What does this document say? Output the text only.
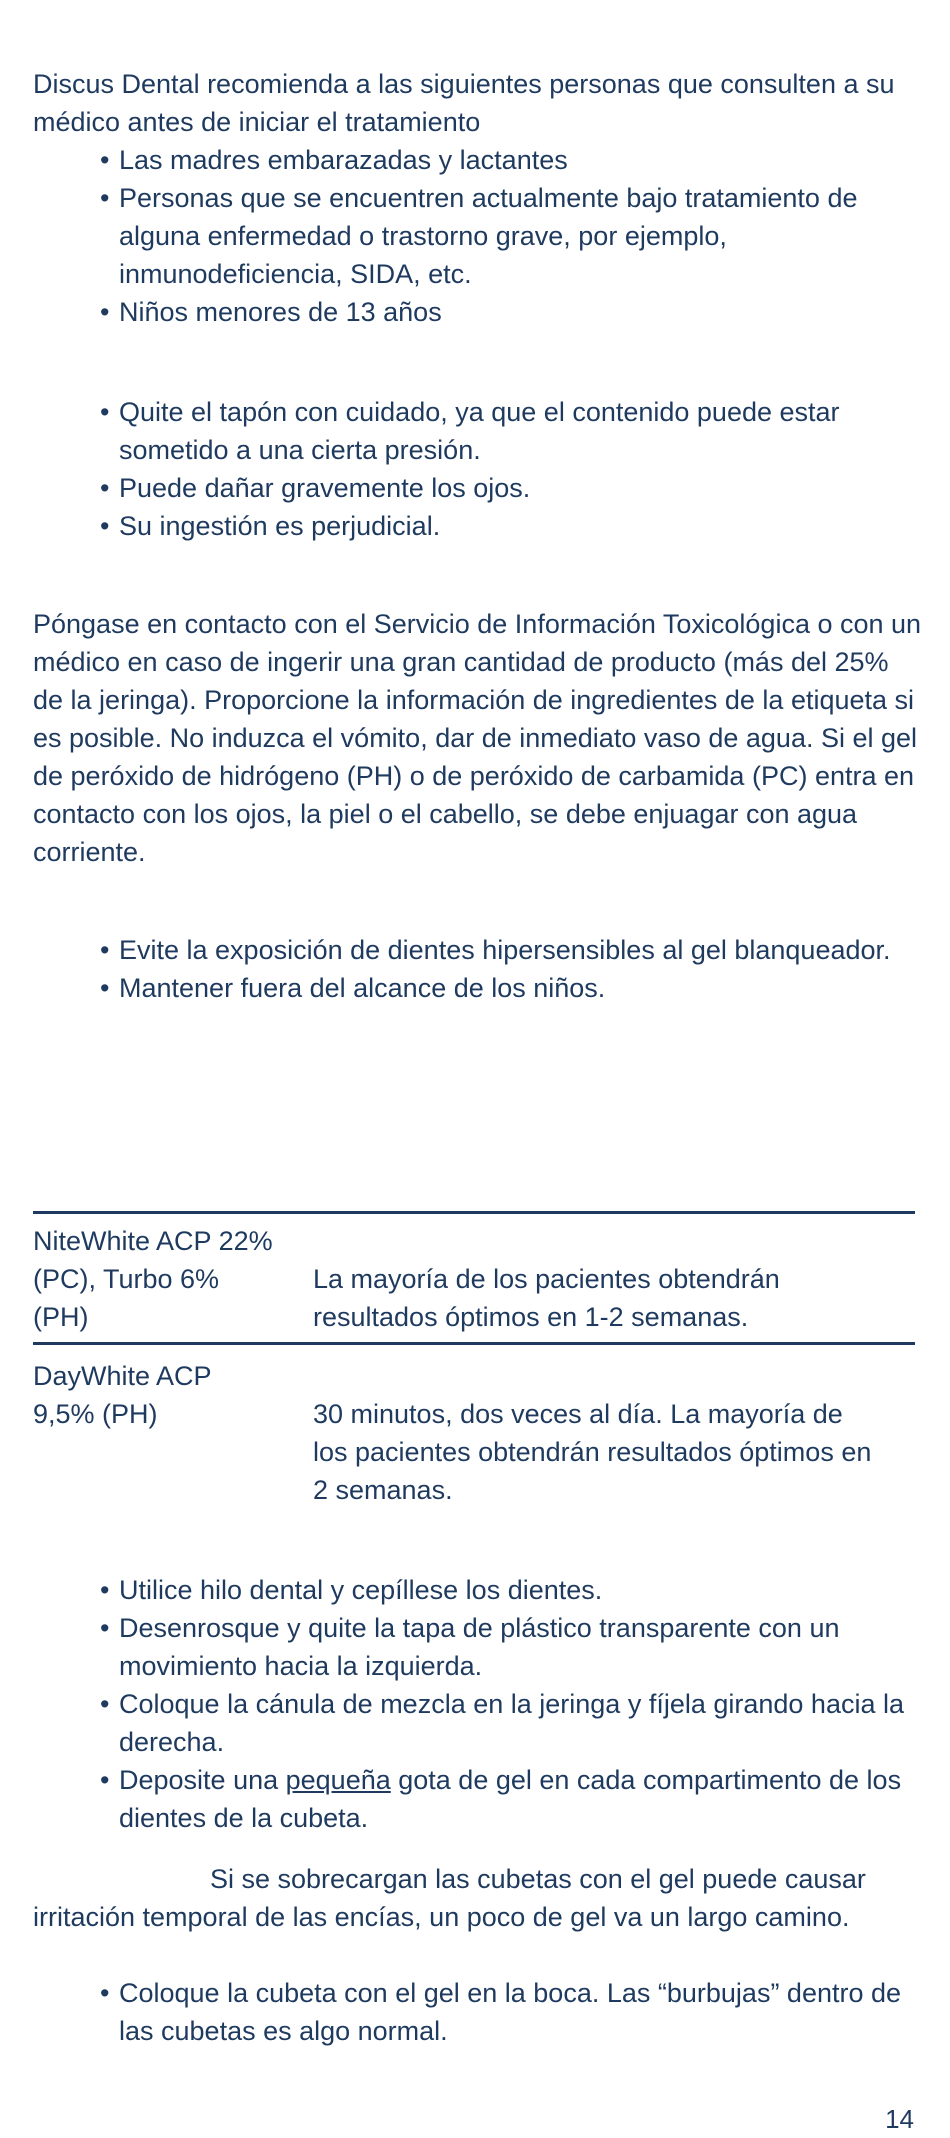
Discus Dental recomienda a las siguientes personas que consulten a su médico antes de iniciar el tratamiento

• Las madres embarazadas y lactantes
• Personas que se encuentren actualmente bajo tratamiento de alguna enfermedad o trastorno grave, por ejemplo, inmunodeficiencia, SIDA, etc.
• Niños menores de 13 años
• Quite el tapón con cuidado, ya que el contenido puede estar sometido a una cierta presión.
• Puede dañar gravemente los ojos.
• Su ingestión es perjudicial.

Póngase en contacto con el Servicio de Información Toxicológica o con un médico en caso de ingerir una gran cantidad de producto (más del 25% de la jeringa). Proporcione la información de ingredientes de la etiqueta si es posible. No induzca el vómito, dar de inmediato vaso de agua. Si el gel de peróxido de hidrógeno (PH) o de peróxido de carbamida (PC) entra en contacto con los ojos, la piel o el cabello, se debe enjuagar con agua corriente.

• Evite la exposición de dientes hipersensibles al gel blanqueador.
• Mantener fuera del alcance de los niños.

NiteWhite ACP 22% (PC), Turbo 6% (PH)

La mayoría de los pacientes obtendrán resultados óptimos en 1-2 semanas.

DayWhite ACP 9,5% (PH)	30 minutos, dos veces al día. La mayoría de los pacientes obtendrán resultados óptimos en 2 semanas.

• Utilice hilo dental y cepíllese los dientes.
• Desenrosque y quite la tapa de plástico transparente con un movimiento hacia la izquierda.
• Coloque la cánula de mezcla en la jeringa y fíjela girando hacia la derecha.
• Deposite una pequeña gota de gel en cada compartimento de los dientes de la cubeta.

Si se sobrecargan las cubetas con el gel puede causar irritación temporal de las encías, un poco de gel va un largo camino.

• Coloque la cubeta con el gel en la boca. Las “burbujas” dentro de las cubetas es algo normal.
14
